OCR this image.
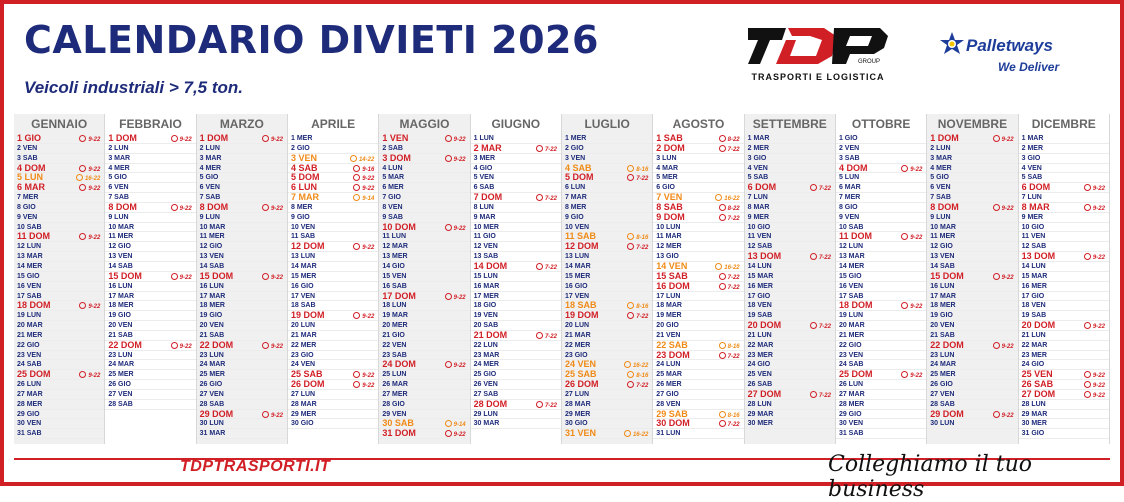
CALENDARIO DIVIETI 2026
Veicoli industriali > 7,5 ton.
GROUP
TRASPORTI E LOGISTICA
Palletways
We Deliver
GENNAIO
1 GIO	9-22
2 VEN
3 SAB
4 DOM	9-22
5 LUN	16-22
6 MAR	9-22
7 MER
8 GIO
9 VEN
10 SAB
11 DOM	9-22
12 LUN
13 MAR
14 MER
15 GIO
16 VEN
17 SAB
18 DOM	9-22
19 LUN
20 MAR
21 MER
22 GIO
23 VEN
24 SAB
25 DOM	9-22
26 LUN
27 MAR
28 MER
29 GIO
30 VEN
31 SAB
FEBBRAIO
1 DOM	9-22
2 LUN
3 MAR
4 MER
5 GIO
6 VEN
7 SAB
8 DOM	9-22
9 LUN
10 MAR
11 MER
12 GIO
13 VEN
14 SAB
15 DOM	9-22
16 LUN
17 MAR
18 MER
19 GIO
20 VEN
21 SAB
22 DOM	9-22
23 LUN
24 MAR
25 MER
26 GIO
27 VEN
28 SAB
MARZO
1 DOM	9-22
2 LUN
3 MAR
4 MER
5 GIO
6 VEN
7 SAB
8 DOM	9-22
9 LUN
10 MAR
11 MER
12 GIO
13 VEN
14 SAB
15 DOM	9-22
16 LUN
17 MAR
18 MER
19 GIO
20 VEN
21 SAB
22 DOM	9-22
23 LUN
24 MAR
25 MER
26 GIO
27 VEN
28 SAB
29 DOM	9-22
30 LUN
31 MAR
APRILE
1 MER
2 GIO
3 VEN	14-22
4 SAB	9-16
5 DOM	9-22
6 LUN	9-22
7 MAR	9-14
8 MER
9 GIO
10 VEN
11 SAB
12 DOM	9-22
13 LUN
14 MAR
15 MER
16 GIO
17 VEN
18 SAB
19 DOM	9-22
20 LUN
21 MAR
22 MER
23 GIO
24 VEN
25 SAB	9-22
26 DOM	9-22
27 LUN
28 MAR
29 MER
30 GIO
MAGGIO
1 VEN	9-22
2 SAB
3 DOM	9-22
4 LUN
5 MAR
6 MER
7 GIO
8 VEN
9 SAB
10 DOM	9-22
11 LUN
12 MAR
13 MER
14 GIO
15 VEN
16 SAB
17 DOM	9-22
18 LUN
19 MAR
20 MER
21 GIO
22 VEN
23 SAB
24 DOM	9-22
25 LUN
26 MAR
27 MER
28 GIO
29 VEN
30 SAB	9-14
31 DOM	9-22
GIUGNO
1 LUN
2 MAR	7-22
3 MER
4 GIO
5 VEN
6 SAB
7 DOM	7-22
8 LUN
9 MAR
10 MER
11 GIO
12 VEN
13 SAB
14 DOM	7-22
15 LUN
16 MAR
17 MER
18 GIO
19 VEN
20 SAB
21 DOM	7-22
22 LUN
23 MAR
24 MER
25 GIO
26 VEN
27 SAB
28 DOM	7-22
29 LUN
30 MAR
LUGLIO
1 MER
2 GIO
3 VEN
4 SAB	8-16
5 DOM	7-22
6 LUN
7 MAR
8 MER
9 GIO
10 VEN
11 SAB	8-16
12 DOM	7-22
13 LUN
14 MAR
15 MER
16 GIO
17 VEN
18 SAB	8-16
19 DOM	7-22
20 LUN
21 MAR
22 MER
23 GIO
24 VEN	16-22
25 SAB	8-16
26 DOM	7-22
27 LUN
28 MAR
29 MER
30 GIO
31 VEN	16-22
AGOSTO
1 SAB	8-22
2 DOM	7-22
3 LUN
4 MAR
5 MER
6 GIO
7 VEN	16-22
8 SAB	8-22
9 DOM	7-22
10 LUN
11 MAR
12 MER
13 GIO
14 VEN	16-22
15 SAB	7-22
16 DOM	7-22
17 LUN
18 MAR
19 MER
20 GIO
21 VEN
22 SAB	8-16
23 DOM	7-22
24 LUN
25 MAR
26 MER
27 GIO
28 VEN
29 SAB	8-16
30 DOM	7-22
31 LUN
SETTEMBRE
1 MAR
2 MER
3 GIO
4 VEN
5 SAB
6 DOM	7-22
7 LUN
8 MAR
9 MER
10 GIO
11 VEN
12 SAB
13 DOM	7-22
14 LUN
15 MAR
16 MER
17 GIO
18 VEN
19 SAB
20 DOM	7-22
21 LUN
22 MAR
23 MER
24 GIO
25 VEN
26 SAB
27 DOM	7-22
28 LUN
29 MAR
30 MER
OTTOBRE
1 GIO
2 VEN
3 SAB
4 DOM	9-22
5 LUN
6 MAR
7 MER
8 GIO
9 VEN
10 SAB
11 DOM	9-22
12 LUN
13 MAR
14 MER
15 GIO
16 VEN
17 SAB
18 DOM	9-22
19 LUN
20 MAR
21 MER
22 GIO
23 VEN
24 SAB
25 DOM	9-22
26 LUN
27 MAR
28 MER
29 GIO
30 VEN
31 SAB
NOVEMBRE
1 DOM	9-22
2 LUN
3 MAR
4 MER
5 GIO
6 VEN
7 SAB
8 DOM	9-22
9 LUN
10 MAR
11 MER
12 GIO
13 VEN
14 SAB
15 DOM	9-22
16 LUN
17 MAR
18 MER
19 GIO
20 VEN
21 SAB
22 DOM	9-22
23 LUN
24 MAR
25 MER
26 GIO
27 VEN
28 SAB
29 DOM	9-22
30 LUN
DICEMBRE
1 MAR
2 MER
3 GIO
4 VEN
5 SAB
6 DOM	9-22
7 LUN
8 MAR	9-22
9 MER
10 GIO
11 VEN
12 SAB
13 DOM	9-22
14 LUN
15 MAR
16 MER
17 GIO
18 VEN
19 SAB
20 DOM	9-22
21 LUN
22 MAR
23 MER
24 GIO
25 VEN	9-22
26 SAB	9-22
27 DOM	9-22
28 LUN
29 MAR
30 MER
31 GIO
TDPTRASPORTI.IT	Colleghiamo il tuo business
